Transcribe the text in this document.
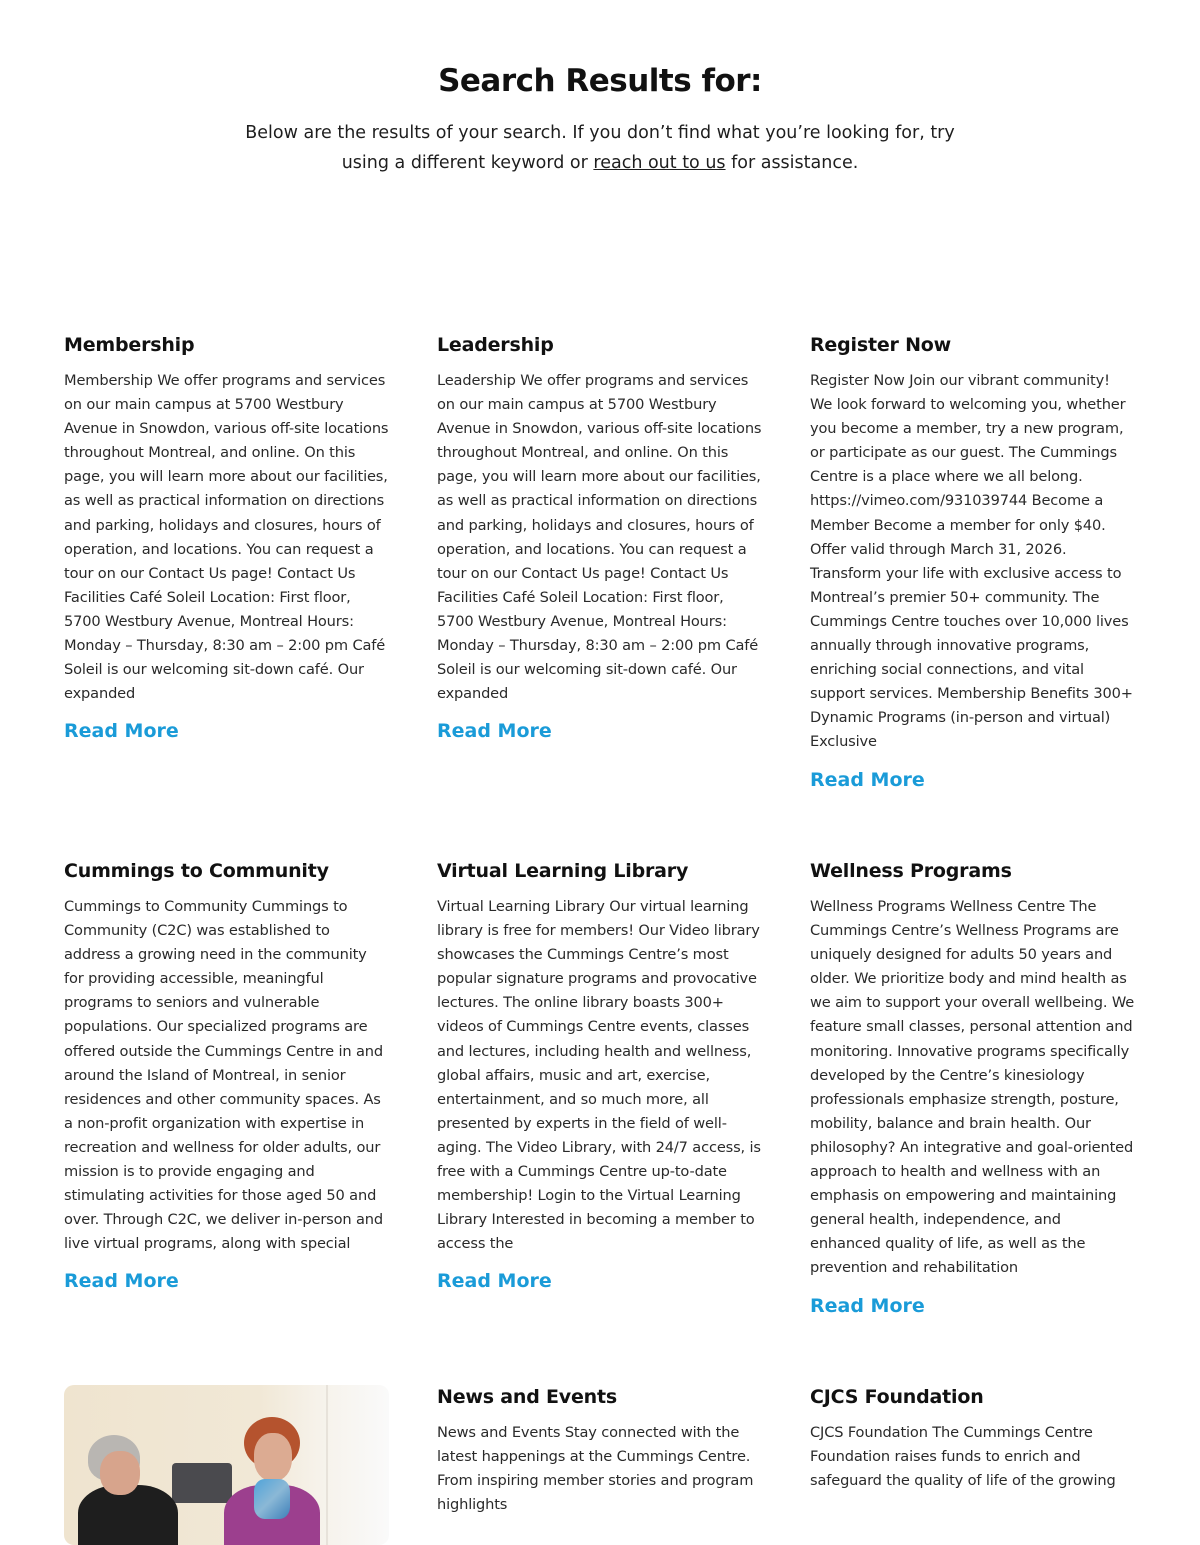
Search Results for:

Below are the results of your search. If you don’t find what you’re looking for, try using a different keyword or reach out to us for assistance.

Membership

Membership We offer programs and services on our main campus at 5700 Westbury Avenue in Snowdon, various off-site locations throughout Montreal, and online. On this page, you will learn more about our facilities, as well as practical information on directions and parking, holidays and closures, hours of operation, and locations. You can request a tour on our Contact Us page! Contact Us Facilities Café Soleil Location: First floor, 5700 Westbury Avenue, Montreal Hours: Monday – Thursday, 8:30 am – 2:00 pm Café Soleil is our welcoming sit-down café. Our expanded

Read More
Leadership

Leadership We offer programs and services on our main campus at 5700 Westbury Avenue in Snowdon, various off-site locations throughout Montreal, and online. On this page, you will learn more about our facilities, as well as practical information on directions and parking, holidays and closures, hours of operation, and locations. You can request a tour on our Contact Us page! Contact Us Facilities Café Soleil Location: First floor, 5700 Westbury Avenue, Montreal Hours: Monday – Thursday, 8:30 am – 2:00 pm Café Soleil is our welcoming sit-down café. Our expanded

Read More
Register Now

Register Now Join our vibrant community! We look forward to welcoming you, whether you become a member, try a new program, or participate as our guest. The Cummings Centre is a place where we all belong. https://vimeo.com/931039744 Become a Member Become a member for only $40. Offer valid through March 31, 2026. Transform your life with exclusive access to Montreal’s premier 50+ community. The Cummings Centre touches over 10,000 lives annually through innovative programs, enriching social connections, and vital support services. Membership Benefits 300+ Dynamic Programs (in-person and virtual) Exclusive

Read More
Cummings to Community

Cummings to Community Cummings to Community (C2C) was established to address a growing need in the community for providing accessible, meaningful programs to seniors and vulnerable populations. Our specialized programs are offered outside the Cummings Centre in and around the Island of Montreal, in senior residences and other community spaces. As a non-profit organization with expertise in recreation and wellness for older adults, our mission is to provide engaging and stimulating activities for those aged 50 and over. Through C2C, we deliver in-person and live virtual programs, along with special

Read More
Virtual Learning Library

Virtual Learning Library Our virtual learning library is free for members! Our Video library showcases the Cummings Centre’s most popular signature programs and provocative lectures. The online library boasts 300+ videos of Cummings Centre events, classes and lectures, including health and wellness, global affairs, music and art, exercise, entertainment, and so much more, all presented by experts in the field of well-aging. The Video Library, with 24/7 access, is free with a Cummings Centre up-to-date membership! Login to the Virtual Learning Library Interested in becoming a member to access the

Read More
Wellness Programs

Wellness Programs Wellness Centre The Cummings Centre’s Wellness Programs are uniquely designed for adults 50 years and older. We prioritize body and mind health as we aim to support your overall wellbeing. We feature small classes, personal attention and monitoring. Innovative programs specifically developed by the Centre’s kinesiology professionals emphasize strength, posture, mobility, balance and brain health. Our philosophy? An integrative and goal-oriented approach to health and wellness with an emphasis on empowering and maintaining general health, independence, and enhanced quality of life, as well as the prevention and rehabilitation

Read More
News and Events

News and Events Stay connected with the latest happenings at the Cummings Centre. From inspiring member stories and program highlights

CJCS Foundation

CJCS Foundation The Cummings Centre Foundation raises funds to enrich and safeguard the quality of life of the growing
